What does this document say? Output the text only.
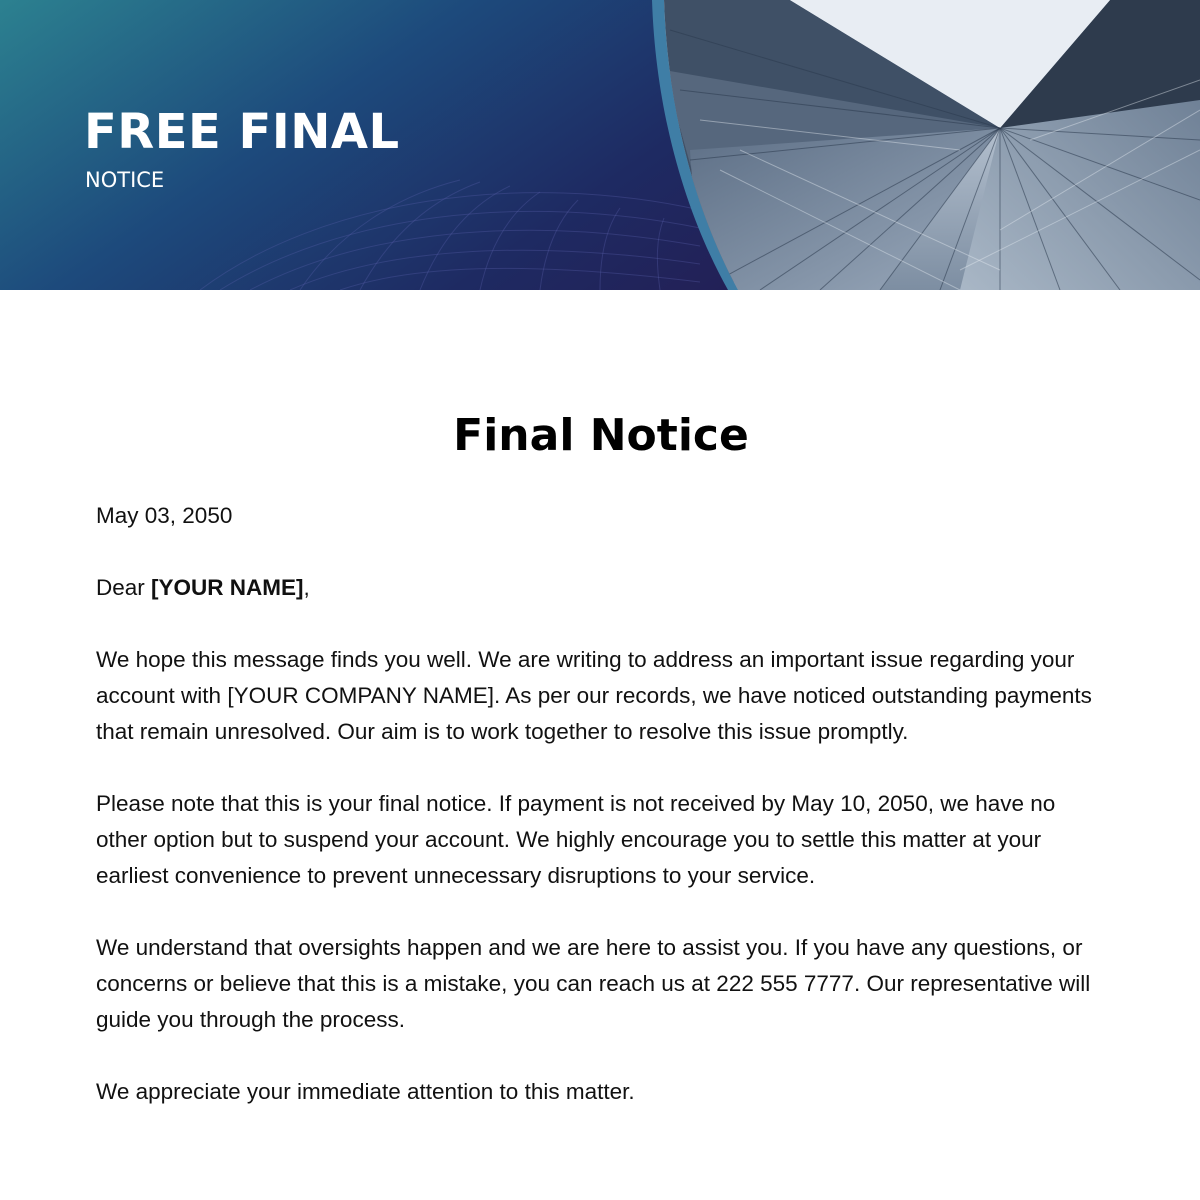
FREE FINAL

NOTICE

Final Notice

May 03, 2050

Dear [YOUR NAME],

We hope this message finds you well. We are writing to address an important issue regarding your account with [YOUR COMPANY NAME]. As per our records, we have noticed outstanding payments that remain unresolved. Our aim is to work together to resolve this issue promptly.

Please note that this is your final notice. If payment is not received by May 10, 2050, we have no other option but to suspend your account. We highly encourage you to settle this matter at your earliest convenience to prevent unnecessary disruptions to your service.

We understand that oversights happen and we are here to assist you. If you have any questions, or concerns or believe that this is a mistake, you can reach us at 222 555 7777. Our representative will guide you through the process.

We appreciate your immediate attention to this matter.
